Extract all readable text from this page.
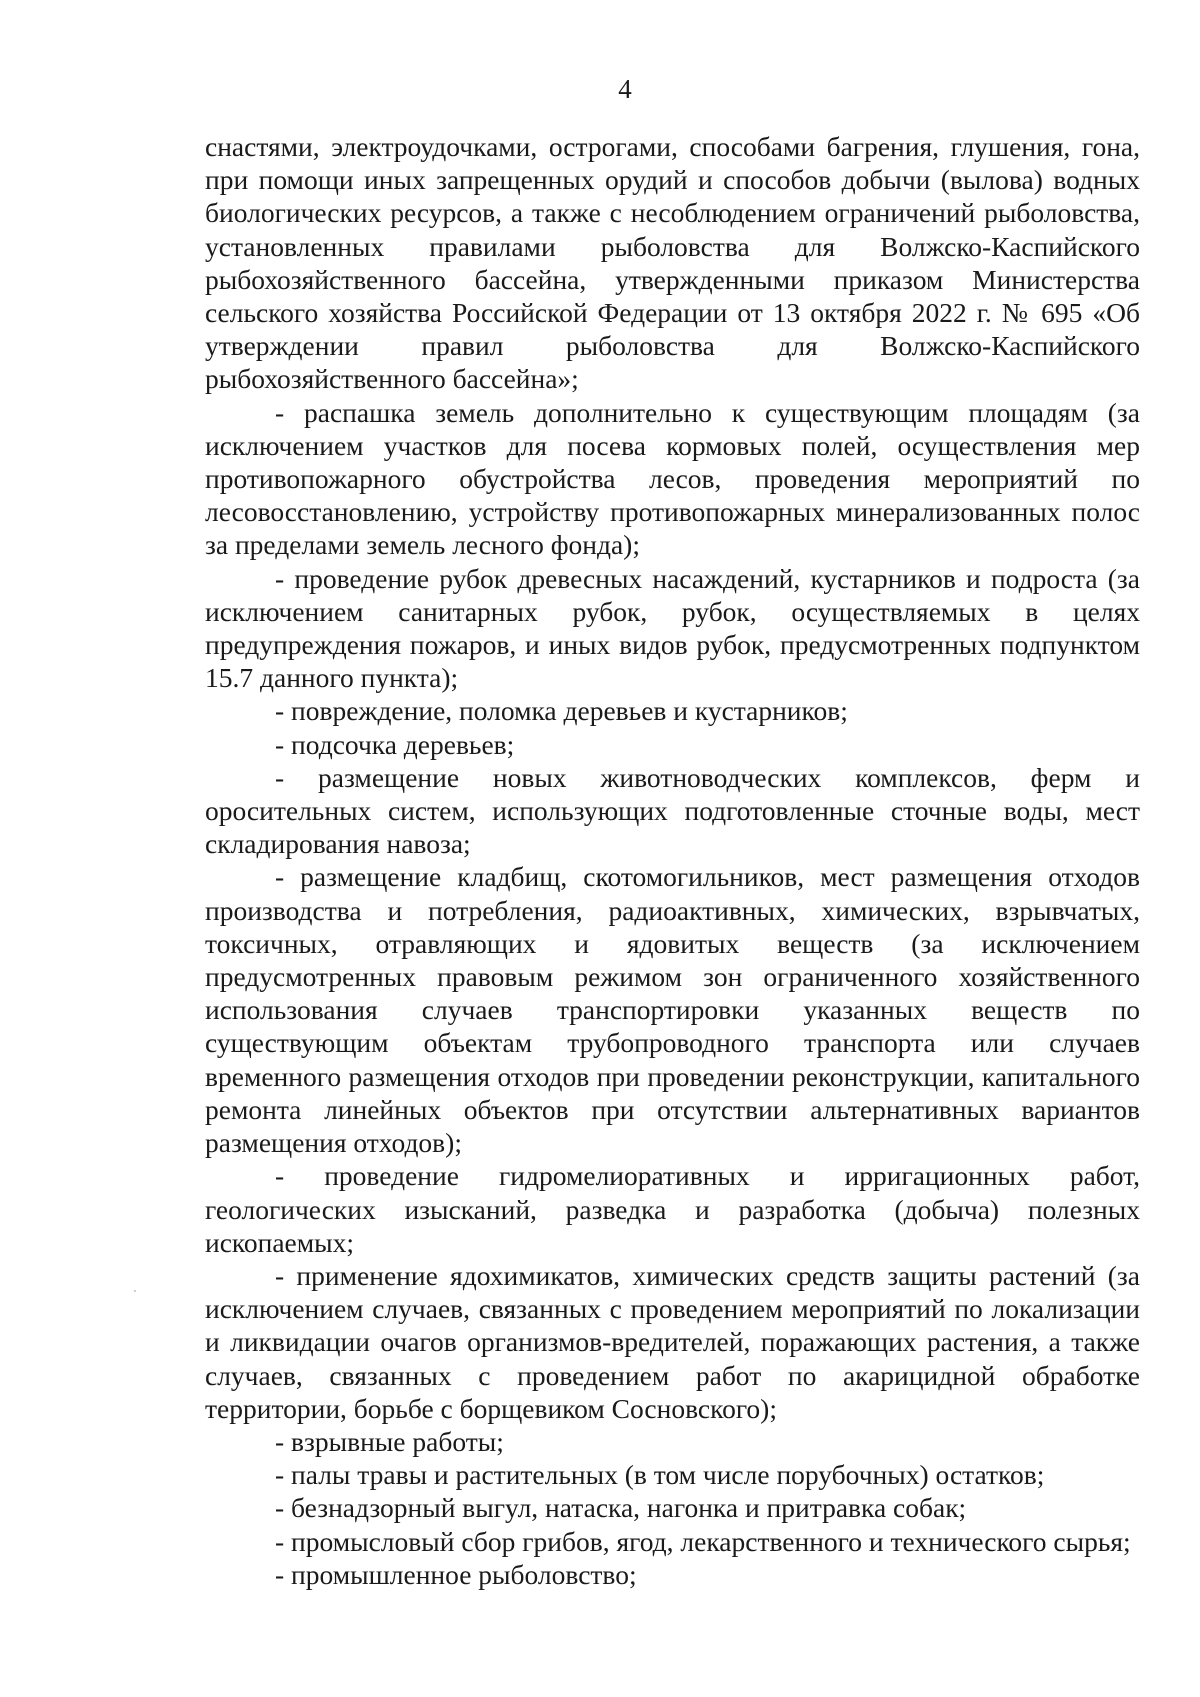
4

снастями, электроудочками, острогами, способами багрения, глушения, гона, при помощи иных запрещенных орудий и способов добычи (вылова) водных биологических ресурсов, а также с несоблюдением ограничений рыболовства, установленных правилами рыболовства для Волжско-Каспийского рыбохозяйственного бассейна, утвержденными приказом Министерства сельского хозяйства Российской Федерации от 13 октября 2022 г. № 695 «Об утверждении правил рыболовства для Волжско-Каспийского рыбохозяйственного бассейна»;

- распашка земель дополнительно к существующим площадям (за исключением участков для посева кормовых полей, осуществления мер противопожарного обустройства лесов, проведения мероприятий по лесовосстановлению, устройству противопожарных минерализованных полос за пределами земель лесного фонда);

- проведение рубок древесных насаждений, кустарников и подроста (за исключением санитарных рубок, рубок, осуществляемых в целях предупреждения пожаров, и иных видов рубок, предусмотренных подпунктом 15.7 данного пункта);

- повреждение, поломка деревьев и кустарников;

- подсочка деревьев;

- размещение новых животноводческих комплексов, ферм и оросительных систем, использующих подготовленные сточные воды, мест складирования навоза;

- размещение кладбищ, скотомогильников, мест размещения отходов производства и потребления, радиоактивных, химических, взрывчатых, токсичных, отравляющих и ядовитых веществ (за исключением предусмотренных правовым режимом зон ограниченного хозяйственного использования случаев транспортировки указанных веществ по существующим объектам трубопроводного транспорта или случаев временного размещения отходов при проведении реконструкции, капитального ремонта линейных объектов при отсутствии альтернативных вариантов размещения отходов);

- проведение гидромелиоративных и ирригационных работ, геологических изысканий, разведка и разработка (добыча) полезных ископаемых;

- применение ядохимикатов, химических средств защиты растений (за исключением случаев, связанных с проведением мероприятий по локализации и ликвидации очагов организмов-вредителей, поражающих растения, а также случаев, связанных с проведением работ по акарицидной обработке территории, борьбе с борщевиком Сосновского);

- взрывные работы;

- палы травы и растительных (в том числе порубочных) остатков;

- безнадзорный выгул, натаска, нагонка и притравка собак;

- промысловый сбор грибов, ягод, лекарственного и технического сырья;

- промышленное рыболовство;
